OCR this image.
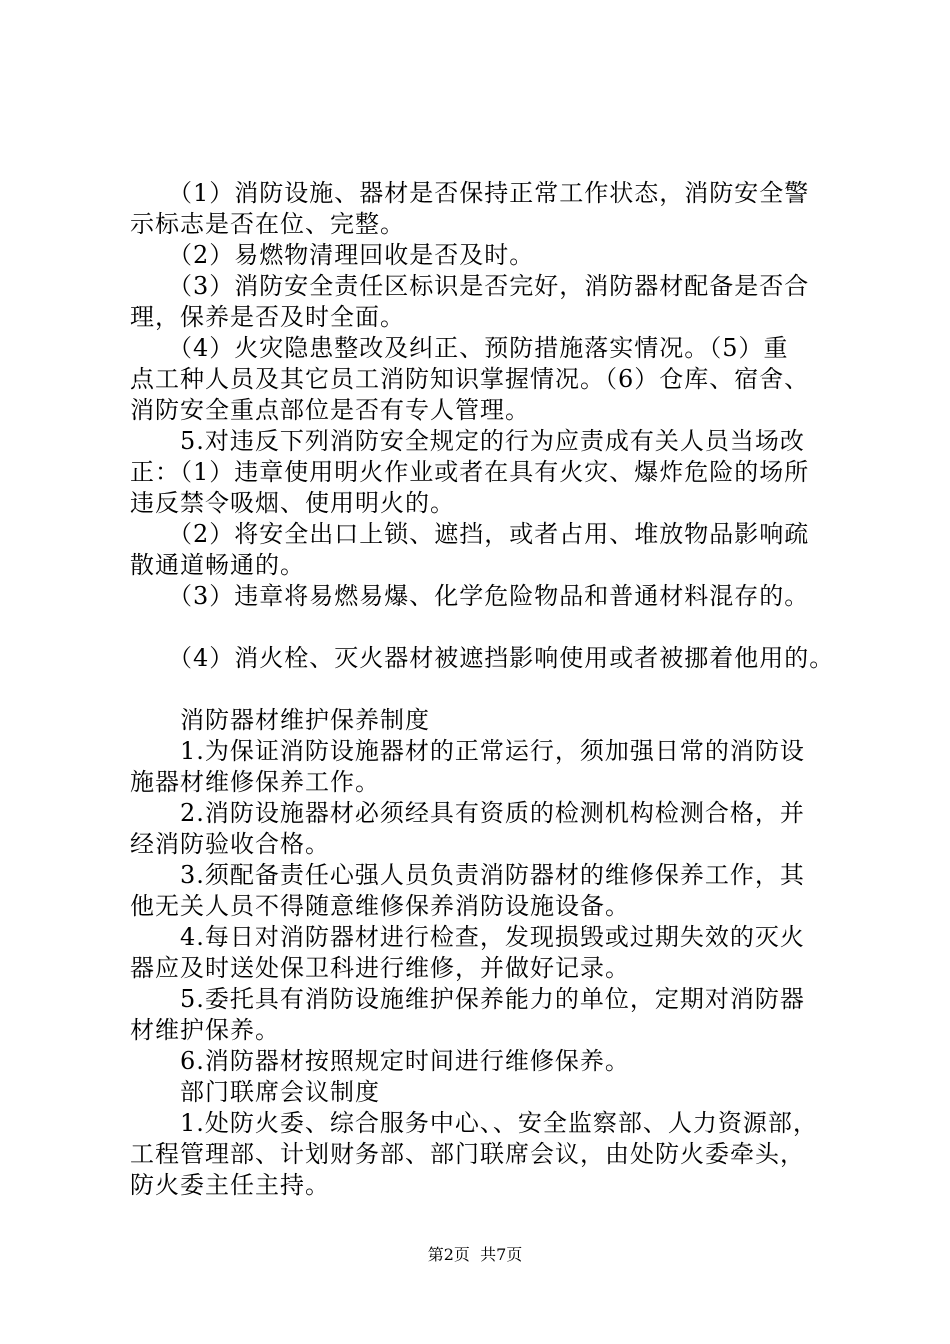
　　（1）消防设施、器材是否保持正常工作状态，消防安全警
示标志是否在位、完整。
　　（2）易燃物清理回收是否及时。
　　（3）消防安全责任区标识是否完好，消防器材配备是否合
理，保养是否及时全面。
　　（4）火灾隐患整改及纠正、预防措施落实情况。（5）重
点工种人员及其它员工消防知识掌握情况。（6）仓库、宿舍、
消防安全重点部位是否有专人管理。
　　5.对违反下列消防安全规定的行为应责成有关人员当场改
正：（1）违章使用明火作业或者在具有火灾、爆炸危险的场所
违反禁令吸烟、使用明火的。
　　（2）将安全出口上锁、遮挡，或者占用、堆放物品影响疏
散通道畅通的。
　　（3）违章将易燃易爆、化学危险物品和普通材料混存的。
　　（4）消火栓、灭火器材被遮挡影响使用或者被挪着他用的。
　　消防器材维护保养制度
　　1.为保证消防设施器材的正常运行，须加强日常的消防设
施器材维修保养工作。
　　2.消防设施器材必须经具有资质的检测机构检测合格，并
经消防验收合格。
　　3.须配备责任心强人员负责消防器材的维修保养工作，其
他无关人员不得随意维修保养消防设施设备。
　　4.每日对消防器材进行检查，发现损毁或过期失效的灭火
器应及时送处保卫科进行维修，并做好记录。
　　5.委托具有消防设施维护保养能力的单位，定期对消防器
材维护保养。
　　6.消防器材按照规定时间进行维修保养。
　　部门联席会议制度
　　1.处防火委、综合服务中心、、安全监察部、人力资源部，
工程管理部、计划财务部、部门联席会议，由处防火委牵头，
防火委主任主持。
第2页  共7页
